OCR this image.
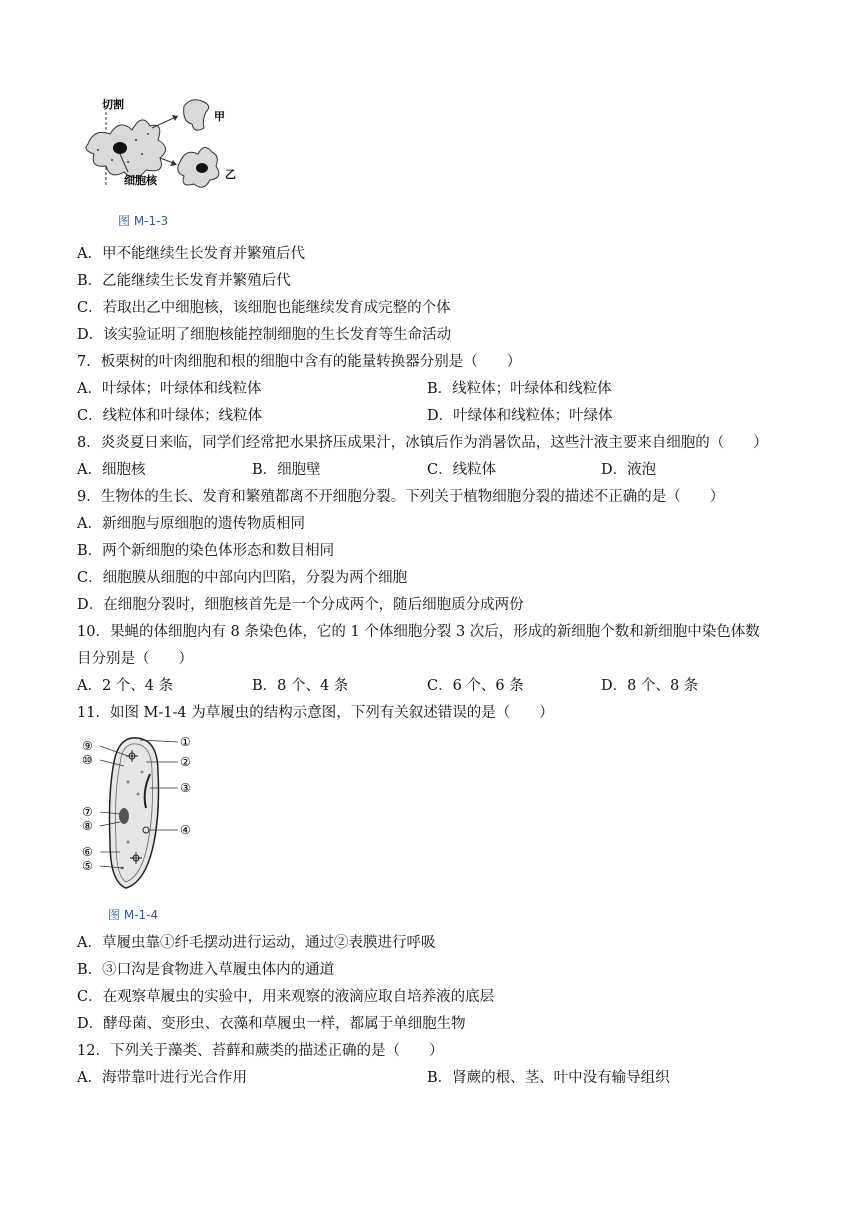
切割
甲
乙
细胞核
图 M-1-3
A．甲不能继续生长发育并繁殖后代
B．乙能继续生长发育并繁殖后代
C．若取出乙中细胞核，该细胞也能继续发育成完整的个体
D．该实验证明了细胞核能控制细胞的生长发育等生命活动
7．板栗树的叶肉细胞和根的细胞中含有的能量转换器分别是（　　）
A．叶绿体；叶绿体和线粒体	B．线粒体；叶绿体和线粒体
C．线粒体和叶绿体；线粒体	D．叶绿体和线粒体；叶绿体
8．炎炎夏日来临，同学们经常把水果挤压成果汁，冰镇后作为消暑饮品，这些汁液主要来自细胞的（　　）
A．细胞核	B．细胞壁	C．线粒体	D．液泡
9．生物体的生长、发育和繁殖都离不开细胞分裂。下列关于植物细胞分裂的描述不正确的是（　　）
A．新细胞与原细胞的遗传物质相同
B．两个新细胞的染色体形态和数目相同
C．细胞膜从细胞的中部向内凹陷，分裂为两个细胞
D．在细胞分裂时，细胞核首先是一个分成两个，随后细胞质分成两份
10．果蝇的体细胞内有 8 条染色体，它的 1 个体细胞分裂 3 次后，形成的新细胞个数和新细胞中染色体数
目分别是（　　）
A．2 个、4 条	B．8 个、4 条	C．6 个、6 条	D．8 个、8 条
11．如图 M-1-4 为草履虫的结构示意图，下列有关叙述错误的是（　　）
⑨
⑩
⑦
⑧
⑥
⑤
①
②
③
④
图 M-1-4
A．草履虫靠①纤毛摆动进行运动，通过②表膜进行呼吸
B．③口沟是食物进入草履虫体内的通道
C．在观察草履虫的实验中，用来观察的液滴应取自培养液的底层
D．酵母菌、变形虫、衣藻和草履虫一样，都属于单细胞生物
12．下列关于藻类、苔藓和蕨类的描述正确的是（　　）
A．海带靠叶进行光合作用	B．肾蕨的根、茎、叶中没有输导组织
